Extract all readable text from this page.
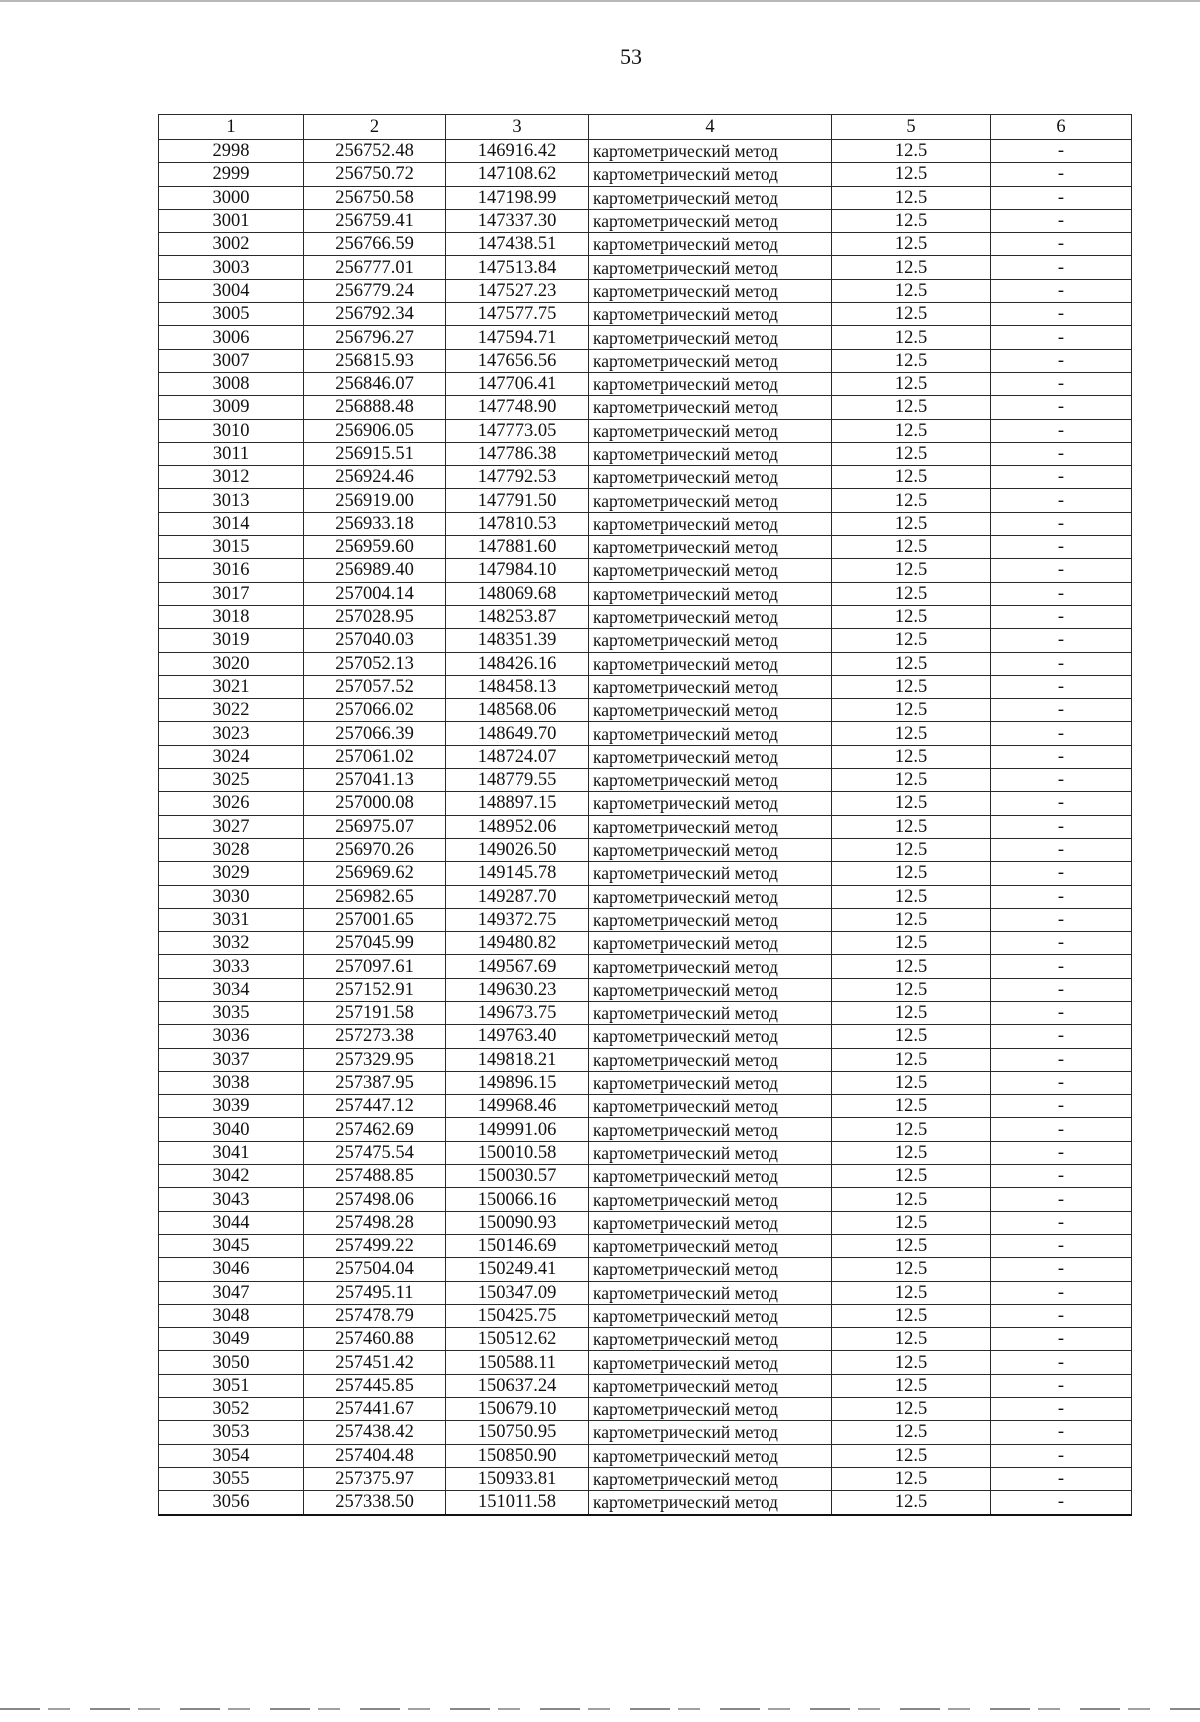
53
1	2	3	4	5	6
2998	256752.48	146916.42	картометрический метод	12.5	-
2999	256750.72	147108.62	картометрический метод	12.5	-
3000	256750.58	147198.99	картометрический метод	12.5	-
3001	256759.41	147337.30	картометрический метод	12.5	-
3002	256766.59	147438.51	картометрический метод	12.5	-
3003	256777.01	147513.84	картометрический метод	12.5	-
3004	256779.24	147527.23	картометрический метод	12.5	-
3005	256792.34	147577.75	картометрический метод	12.5	-
3006	256796.27	147594.71	картометрический метод	12.5	-
3007	256815.93	147656.56	картометрический метод	12.5	-
3008	256846.07	147706.41	картометрический метод	12.5	-
3009	256888.48	147748.90	картометрический метод	12.5	-
3010	256906.05	147773.05	картометрический метод	12.5	-
3011	256915.51	147786.38	картометрический метод	12.5	-
3012	256924.46	147792.53	картометрический метод	12.5	-
3013	256919.00	147791.50	картометрический метод	12.5	-
3014	256933.18	147810.53	картометрический метод	12.5	-
3015	256959.60	147881.60	картометрический метод	12.5	-
3016	256989.40	147984.10	картометрический метод	12.5	-
3017	257004.14	148069.68	картометрический метод	12.5	-
3018	257028.95	148253.87	картометрический метод	12.5	-
3019	257040.03	148351.39	картометрический метод	12.5	-
3020	257052.13	148426.16	картометрический метод	12.5	-
3021	257057.52	148458.13	картометрический метод	12.5	-
3022	257066.02	148568.06	картометрический метод	12.5	-
3023	257066.39	148649.70	картометрический метод	12.5	-
3024	257061.02	148724.07	картометрический метод	12.5	-
3025	257041.13	148779.55	картометрический метод	12.5	-
3026	257000.08	148897.15	картометрический метод	12.5	-
3027	256975.07	148952.06	картометрический метод	12.5	-
3028	256970.26	149026.50	картометрический метод	12.5	-
3029	256969.62	149145.78	картометрический метод	12.5	-
3030	256982.65	149287.70	картометрический метод	12.5	-
3031	257001.65	149372.75	картометрический метод	12.5	-
3032	257045.99	149480.82	картометрический метод	12.5	-
3033	257097.61	149567.69	картометрический метод	12.5	-
3034	257152.91	149630.23	картометрический метод	12.5	-
3035	257191.58	149673.75	картометрический метод	12.5	-
3036	257273.38	149763.40	картометрический метод	12.5	-
3037	257329.95	149818.21	картометрический метод	12.5	-
3038	257387.95	149896.15	картометрический метод	12.5	-
3039	257447.12	149968.46	картометрический метод	12.5	-
3040	257462.69	149991.06	картометрический метод	12.5	-
3041	257475.54	150010.58	картометрический метод	12.5	-
3042	257488.85	150030.57	картометрический метод	12.5	-
3043	257498.06	150066.16	картометрический метод	12.5	-
3044	257498.28	150090.93	картометрический метод	12.5	-
3045	257499.22	150146.69	картометрический метод	12.5	-
3046	257504.04	150249.41	картометрический метод	12.5	-
3047	257495.11	150347.09	картометрический метод	12.5	-
3048	257478.79	150425.75	картометрический метод	12.5	-
3049	257460.88	150512.62	картометрический метод	12.5	-
3050	257451.42	150588.11	картометрический метод	12.5	-
3051	257445.85	150637.24	картометрический метод	12.5	-
3052	257441.67	150679.10	картометрический метод	12.5	-
3053	257438.42	150750.95	картометрический метод	12.5	-
3054	257404.48	150850.90	картометрический метод	12.5	-
3055	257375.97	150933.81	картометрический метод	12.5	-
3056	257338.50	151011.58	картометрический метод	12.5	-
